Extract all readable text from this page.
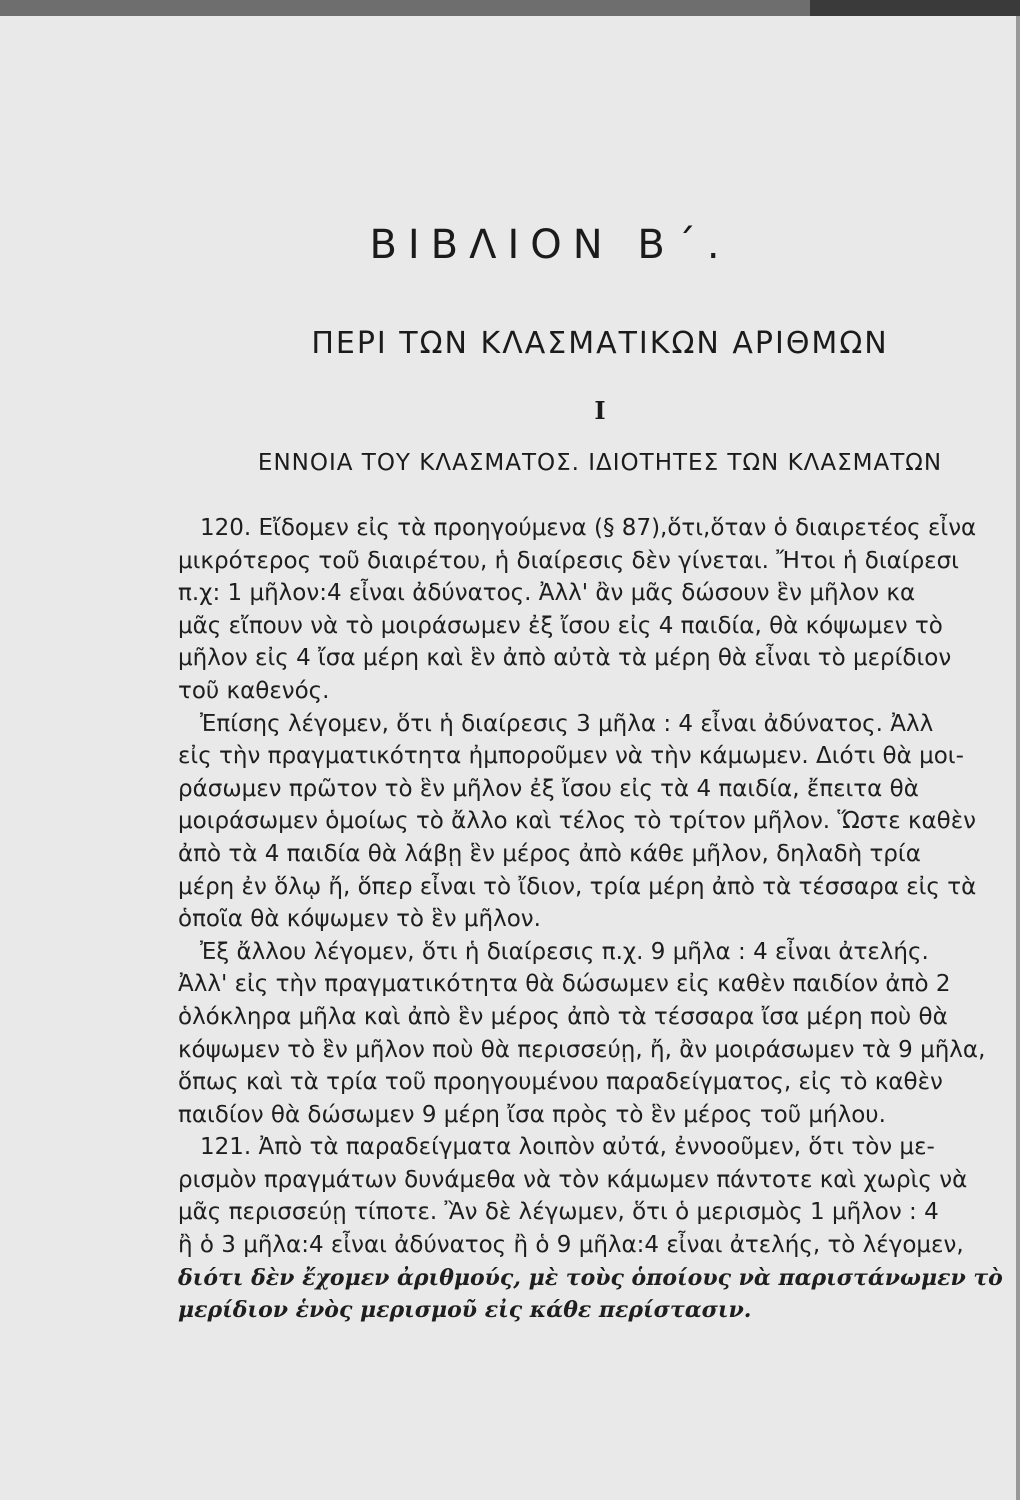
ΒΙΒΛΙΟΝ Β΄.
ΠΕΡΙ ΤΩΝ ΚΛΑΣΜΑΤΙΚΩΝ ΑΡΙΘΜΩΝ
I
ΕΝΝΟΙΑ ΤΟΥ ΚΛΑΣΜΑΤΟΣ. ΙΔΙΟΤΗΤΕΣ ΤΩΝ ΚΛΑΣΜΑΤΩΝ
120. Εἴδομεν εἰς τὰ προηγούμενα (§ 87),ὅτι,ὅταν ὁ διαιρετέος εἶνα
μικρότερος τοῦ διαιρέτου, ἡ διαίρεσις δὲν γίνεται. Ἤτοι ἡ διαίρεσι
π.χ: 1 μῆλον:4 εἶναι ἀδύνατος. Ἀλλ' ἂν μᾶς δώσουν ἓν μῆλον κα
μᾶς εἴπουν νὰ τὸ μοιράσωμεν ἐξ ἴσου εἰς 4 παιδία, θὰ κόψωμεν τὸ
μῆλον εἰς 4 ἴσα μέρη καὶ ἓν ἀπὸ αὐτὰ τὰ μέρη θὰ εἶναι τὸ μερίδιον
τοῦ καθενός.
Ἐπίσης λέγομεν, ὅτι ἡ διαίρεσις 3 μῆλα : 4 εἶναι ἀδύνατος. Ἀλλ
εἰς τὴν πραγματικότητα ἠμποροῦμεν νὰ τὴν κάμωμεν. Διότι θὰ μοι-
ράσωμεν πρῶτον τὸ ἓν μῆλον ἐξ ἴσου εἰς τὰ 4 παιδία, ἔπειτα θὰ
μοιράσωμεν ὁμοίως τὸ ἄλλο καὶ τέλος τὸ τρίτον μῆλον. Ὥστε καθὲν
ἀπὸ τὰ 4 παιδία θὰ λάβῃ ἓν μέρος ἀπὸ κάθε μῆλον, δηλαδὴ τρία
μέρη ἐν ὅλῳ ἤ, ὅπερ εἶναι τὸ ἴδιον, τρία μέρη ἀπὸ τὰ τέσσαρα εἰς τὰ
ὁποῖα θὰ κόψωμεν τὸ ἓν μῆλον.
Ἐξ ἄλλου λέγομεν, ὅτι ἡ διαίρεσις π.χ. 9 μῆλα : 4 εἶναι ἀτελής.
Ἀλλ' εἰς τὴν πραγματικότητα θὰ δώσωμεν εἰς καθὲν παιδίον ἀπὸ 2
ὁλόκληρα μῆλα καὶ ἀπὸ ἓν μέρος ἀπὸ τὰ τέσσαρα ἴσα μέρη ποὺ θὰ
κόψωμεν τὸ ἓν μῆλον ποὺ θὰ περισσεύῃ, ἤ, ἂν μοιράσωμεν τὰ 9 μῆλα,
ὅπως καὶ τὰ τρία τοῦ προηγουμένου παραδείγματος, εἰς τὸ καθὲν
παιδίον θὰ δώσωμεν 9 μέρη ἴσα πρὸς τὸ ἓν μέρος τοῦ μήλου.
121. Ἀπὸ τὰ παραδείγματα λοιπὸν αὐτά, ἐννοοῦμεν, ὅτι τὸν με-
ρισμὸν πραγμάτων δυνάμεθα νὰ τὸν κάμωμεν πάντοτε καὶ χωρὶς νὰ
μᾶς περισσεύῃ τίποτε. Ἂν δὲ λέγωμεν, ὅτι ὁ μερισμὸς 1 μῆλον : 4
ἢ ὁ 3 μῆλα:4 εἶναι ἀδύνατος ἢ ὁ 9 μῆλα:4 εἶναι ἀτελής, τὸ λέγομεν,
διότι δὲν ἔχομεν ἀριθμούς, μὲ τοὺς ὁποίους νὰ παριστάνωμεν τὸ
μερίδιον ἑνὸς μερισμοῦ εἰς κάθε περίστασιν.
